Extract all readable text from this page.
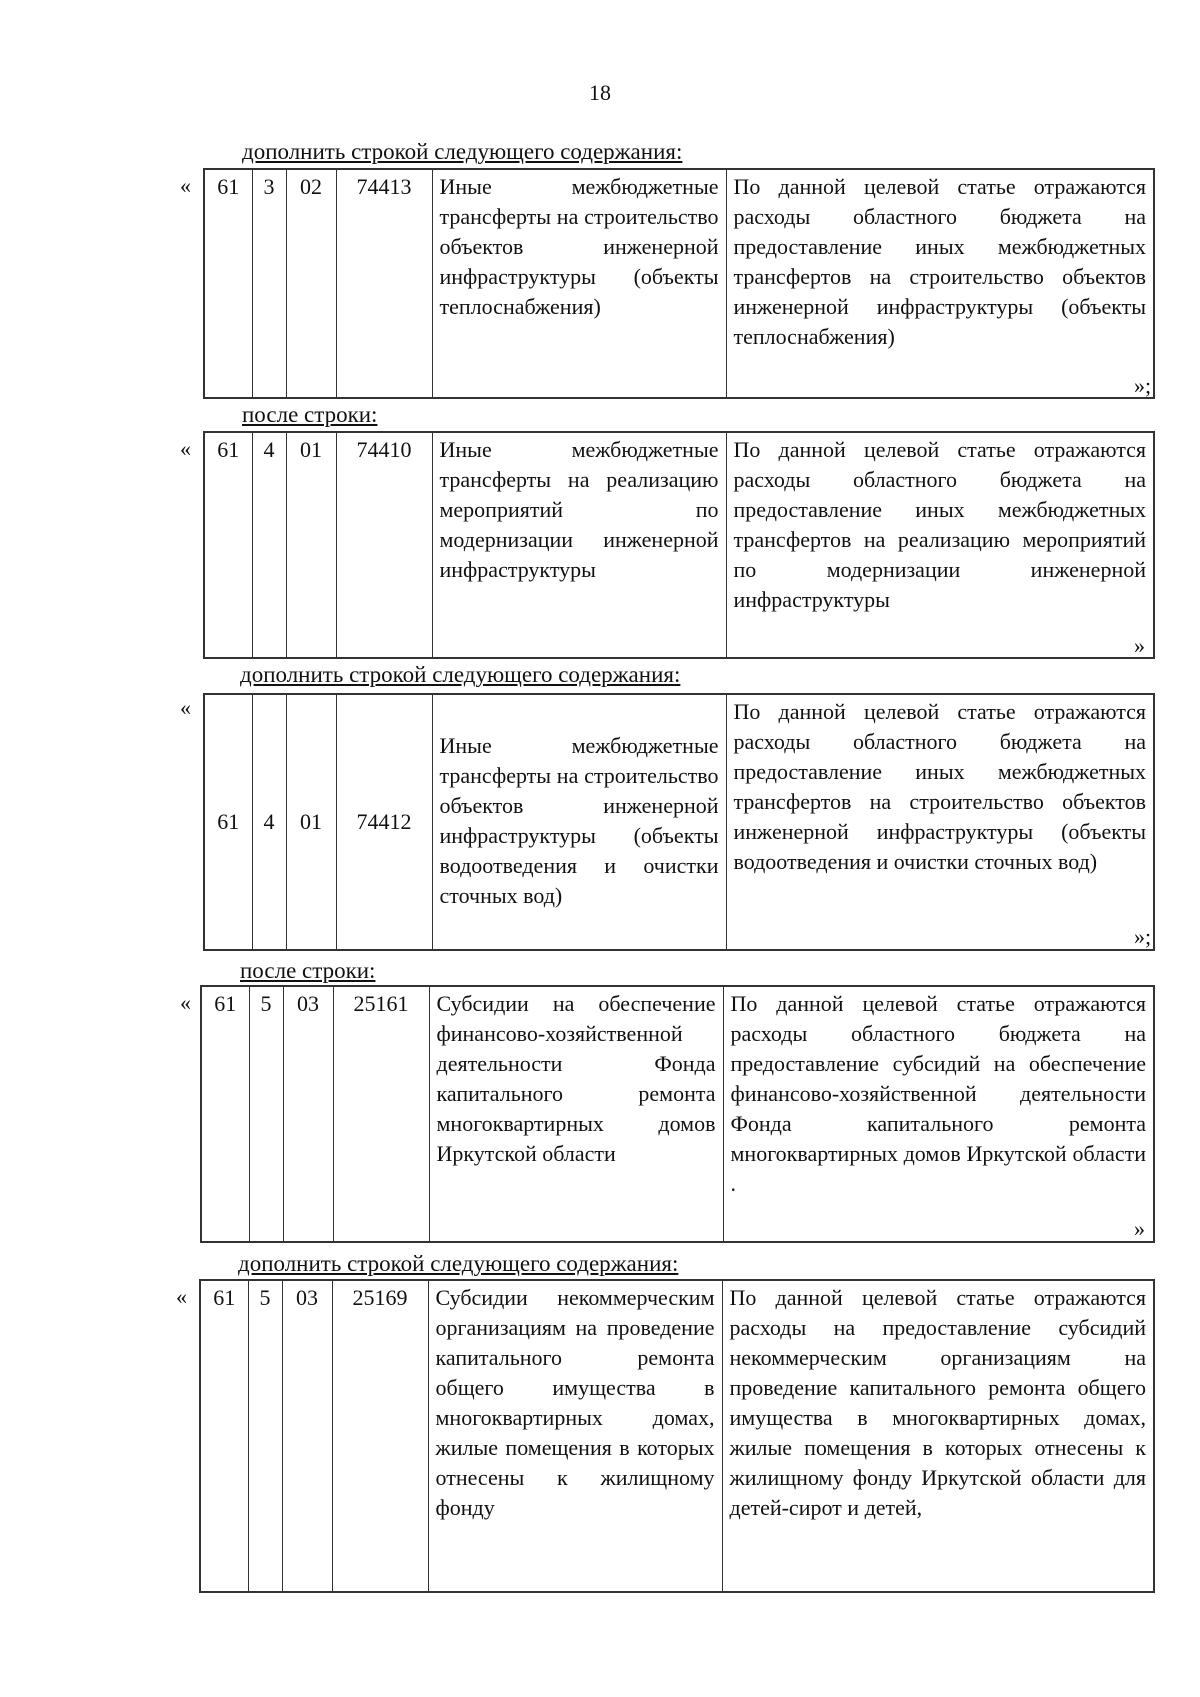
18
дополнить строкой следующего содержания:
« 61	3	02	74413	Иные межбюджетные трансферты на строительство объектов инженерной инфраструктуры (объекты теплоснабжения)	По данной целевой статье отражаются расходы областного бюджета на предоставление иных межбюджетных трансфертов на строительство объектов инженерной инфраструктуры (объекты теплоснабжения)
»;
после строки:
« 61	4	01	74410	Иные межбюджетные трансферты на реализацию мероприятий по модернизации инженерной инфраструктуры	По данной целевой статье отражаются расходы областного бюджета на предоставление иных межбюджетных трансфертов на реализацию мероприятий по модернизации инженерной инфраструктуры
»
дополнить строкой следующего содержания:
«
61	4	01	74412	Иные межбюджетные трансферты на строительство объектов инженерной инфраструктуры (объекты водоотведения и очистки сточных вод)	По данной целевой статье отражаются расходы областного бюджета на предоставление иных межбюджетных трансфертов на строительство объектов инженерной инфраструктуры (объекты водоотведения и очистки сточных вод)
»;
после строки:
« 61	5	03	25161	Субсидии на обеспечение финансово-хозяйственной деятельности Фонда капитального ремонта многоквартирных домов Иркутской области	По данной целевой статье отражаются расходы областного бюджета на предоставление субсидий на обеспечение финансово-хозяйственной деятельности Фонда капитального ремонта многоквартирных домов Иркутской области .
»
дополнить строкой следующего содержания:
« 61	5	03	25169	Субсидии некоммерческим организациям на проведение капитального ремонта общего имущества в многоквартирных домах, жилые помещения в которых отнесены к жилищному фонду	По данной целевой статье отражаются расходы на предоставление субсидий некоммерческим организациям на проведение капитального ремонта общего имущества в многоквартирных домах, жилые помещения в которых отнесены к жилищному фонду Иркутской области для детей-сирот и детей,
